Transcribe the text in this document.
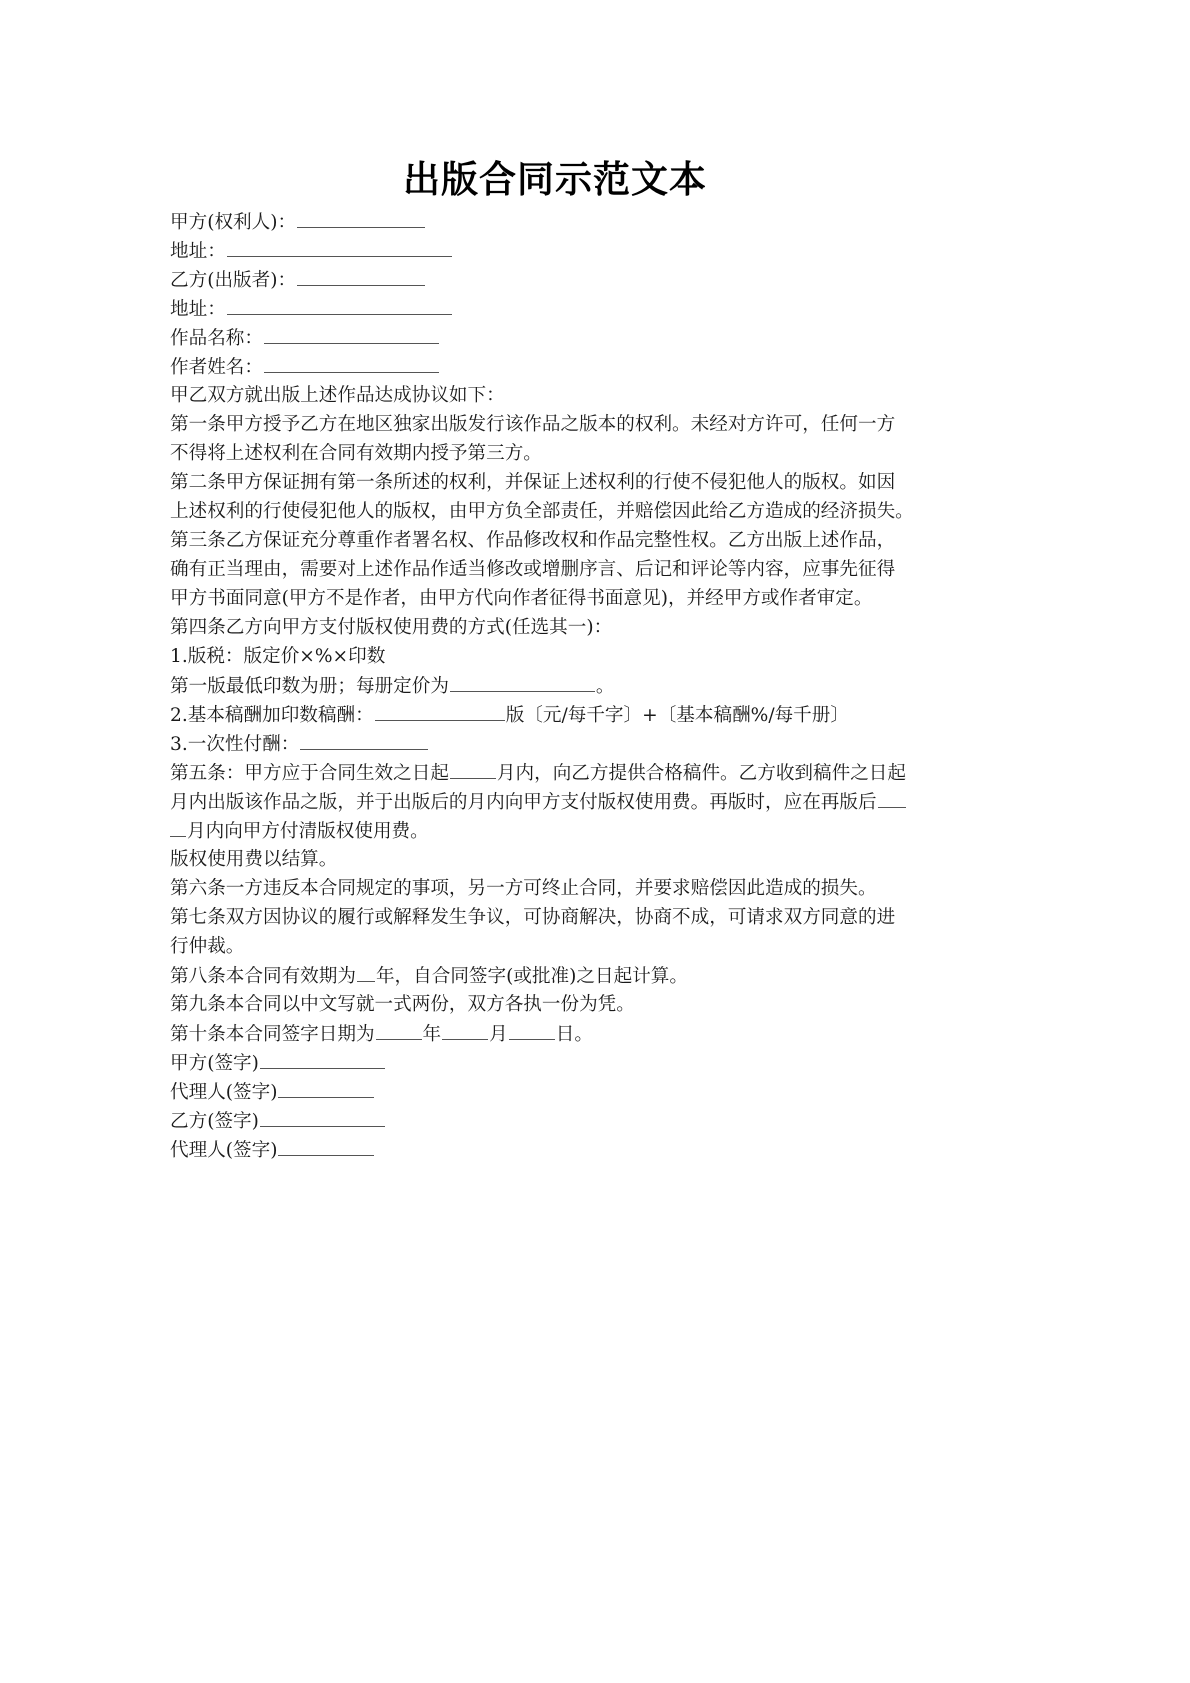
出版合同示范文本
甲方(权利人)：
地址：
乙方(出版者)：
地址：
作品名称：
作者姓名：
甲乙双方就出版上述作品达成协议如下：
第一条甲方授予乙方在地区独家出版发行该作品之版本的权利。未经对方许可，任何一方
不得将上述权利在合同有效期内授予第三方。
第二条甲方保证拥有第一条所述的权利，并保证上述权利的行使不侵犯他人的版权。如因
上述权利的行使侵犯他人的版权，由甲方负全部责任，并赔偿因此给乙方造成的经济损失。
第三条乙方保证充分尊重作者署名权、作品修改权和作品完整性权。乙方出版上述作品，
确有正当理由，需要对上述作品作适当修改或增删序言、后记和评论等内容，应事先征得
甲方书面同意(甲方不是作者，由甲方代向作者征得书面意见)，并经甲方或作者审定。
第四条乙方向甲方支付版权使用费的方式(任选其一)：
1.版税：版定价×%×印数
第一版最低印数为册；每册定价为	。
2.基本稿酬加印数稿酬：	版〔元/每千字〕+〔基本稿酬%/每千册〕
3.一次性付酬：
第五条：甲方应于合同生效之日起	月内，向乙方提供合格稿件。乙方收到稿件之日起
月内出版该作品之版，并于出版后的月内向甲方支付版权使用费。再版时，应在再版后
月内向甲方付清版权使用费。
版权使用费以结算。
第六条一方违反本合同规定的事项，另一方可终止合同，并要求赔偿因此造成的损失。
第七条双方因协议的履行或解释发生争议，可协商解决，协商不成，可请求双方同意的进
行仲裁。
第八条本合同有效期为 年，自合同签字(或批准)之日起计算。
第九条本合同以中文写就一式两份，双方各执一份为凭。
第十条本合同签字日期为	年	月	日。
甲方(签字)
代理人(签字)
乙方(签字)
代理人(签字)
